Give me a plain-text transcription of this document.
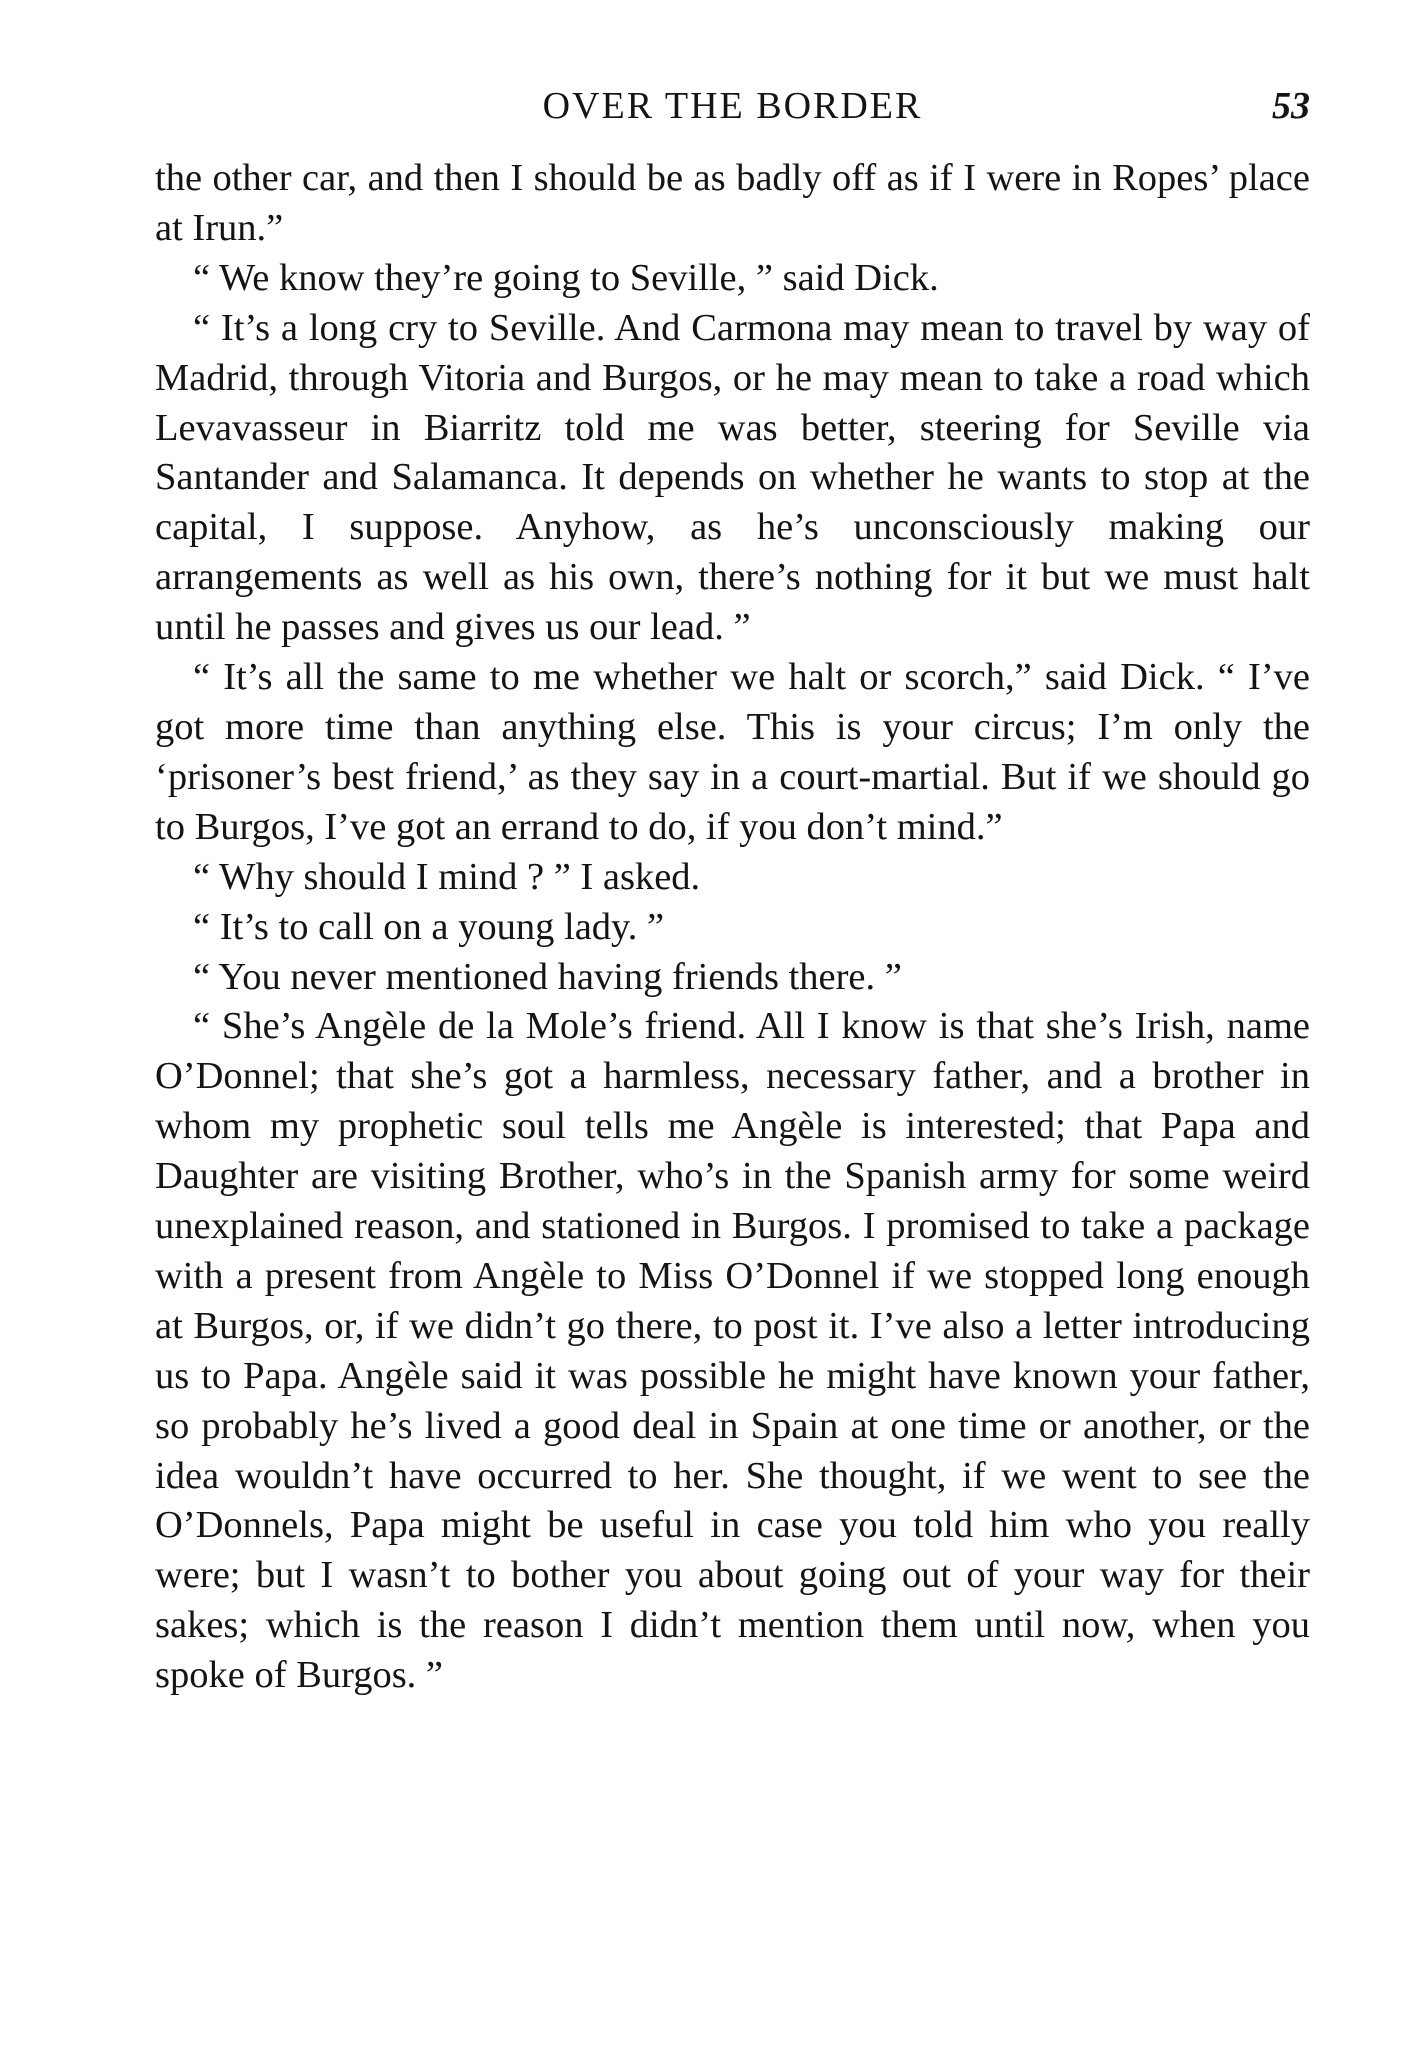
OVER THE BORDER	53

the other car, and then I should be as badly off as if I were in Ropes’ place at Irun.”

“ We know they’re going to Seville, ” said Dick.

“ It’s a long cry to Seville. And Carmona may mean to travel by way of Madrid, through Vitoria and Burgos, or he may mean to take a road which Levavasseur in Biarritz told me was better, steering for Seville via Santander and Salamanca. It depends on whether he wants to stop at the capital, I suppose. Anyhow, as he’s unconsciously making our arrangements as well as his own, there’s nothing for it but we must halt until he passes and gives us our lead. ”

“ It’s all the same to me whether we halt or scorch,” said Dick. “ I’ve got more time than anything else. This is your circus; I’m only the ‘prisoner’s best friend,’ as they say in a court-martial. But if we should go to Burgos, I’ve got an errand to do, if you don’t mind.”

“ Why should I mind ? ” I asked.

“ It’s to call on a young lady. ”

“ You never mentioned having friends there. ”

“ She’s Angèle de la Mole’s friend. All I know is that she’s Irish, name O’Donnel; that she’s got a harmless, necessary father, and a brother in whom my prophetic soul tells me Angèle is interested; that Papa and Daughter are visiting Brother, who’s in the Spanish army for some weird unexplained reason, and stationed in Burgos. I promised to take a package with a present from Angèle to Miss O’Donnel if we stopped long enough at Burgos, or, if we didn’t go there, to post it. I’ve also a letter introducing us to Papa. Angèle said it was possible he might have known your father, so probably he’s lived a good deal in Spain at one time or another, or the idea wouldn’t have occurred to her. She thought, if we went to see the O’Donnels, Papa might be useful in case you told him who you really were; but I wasn’t to bother you about going out of your way for their sakes; which is the reason I didn’t mention them until now, when you spoke of Burgos. ”
